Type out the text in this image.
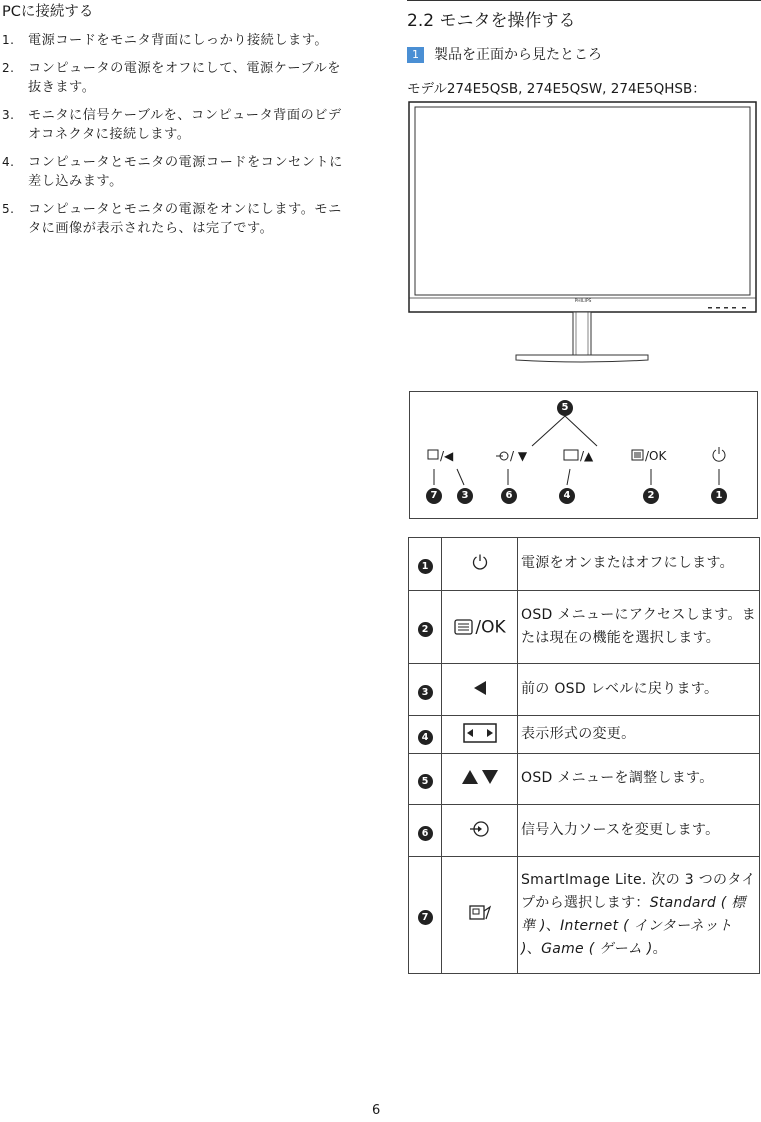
PCに接続する
1. 電源コードをモニタ背面にしっかり接続します。
2. コンピュータの電源をオフにして、電源ケーブルを抜きます。
3. モニタに信号ケーブルを、コンピュータ背面のビデオコネクタに接続します。
4. コンピュータとモニタの電源コードをコンセントに差し込みます。
5. コンピュータとモニタの電源をオンにします。モニタに画像が表示されたら、は完了です。
2.2 モニタを操作する
1 製品を正面から見たところ
モデル274E5QSB, 274E5QSW, 274E5QHSB：
PHILIPS
/◀	/ ▼	/▲	/OK
5
7	3	6	4	2	1
1		電源をオンまたはオフにします。
2	/OK	OSD メニューにアクセスします。または現在の機能を選択します。
3		前の OSD レベルに戻ります。
4		表示形式の変更。
5		OSD メニューを調整します。
6		信号入力ソースを変更します。
7		SmartImage Lite. 次の 3 つのタイプから選択します：Standard ( 標準 )、Internet ( インターネット )、Game ( ゲーム )。
6
